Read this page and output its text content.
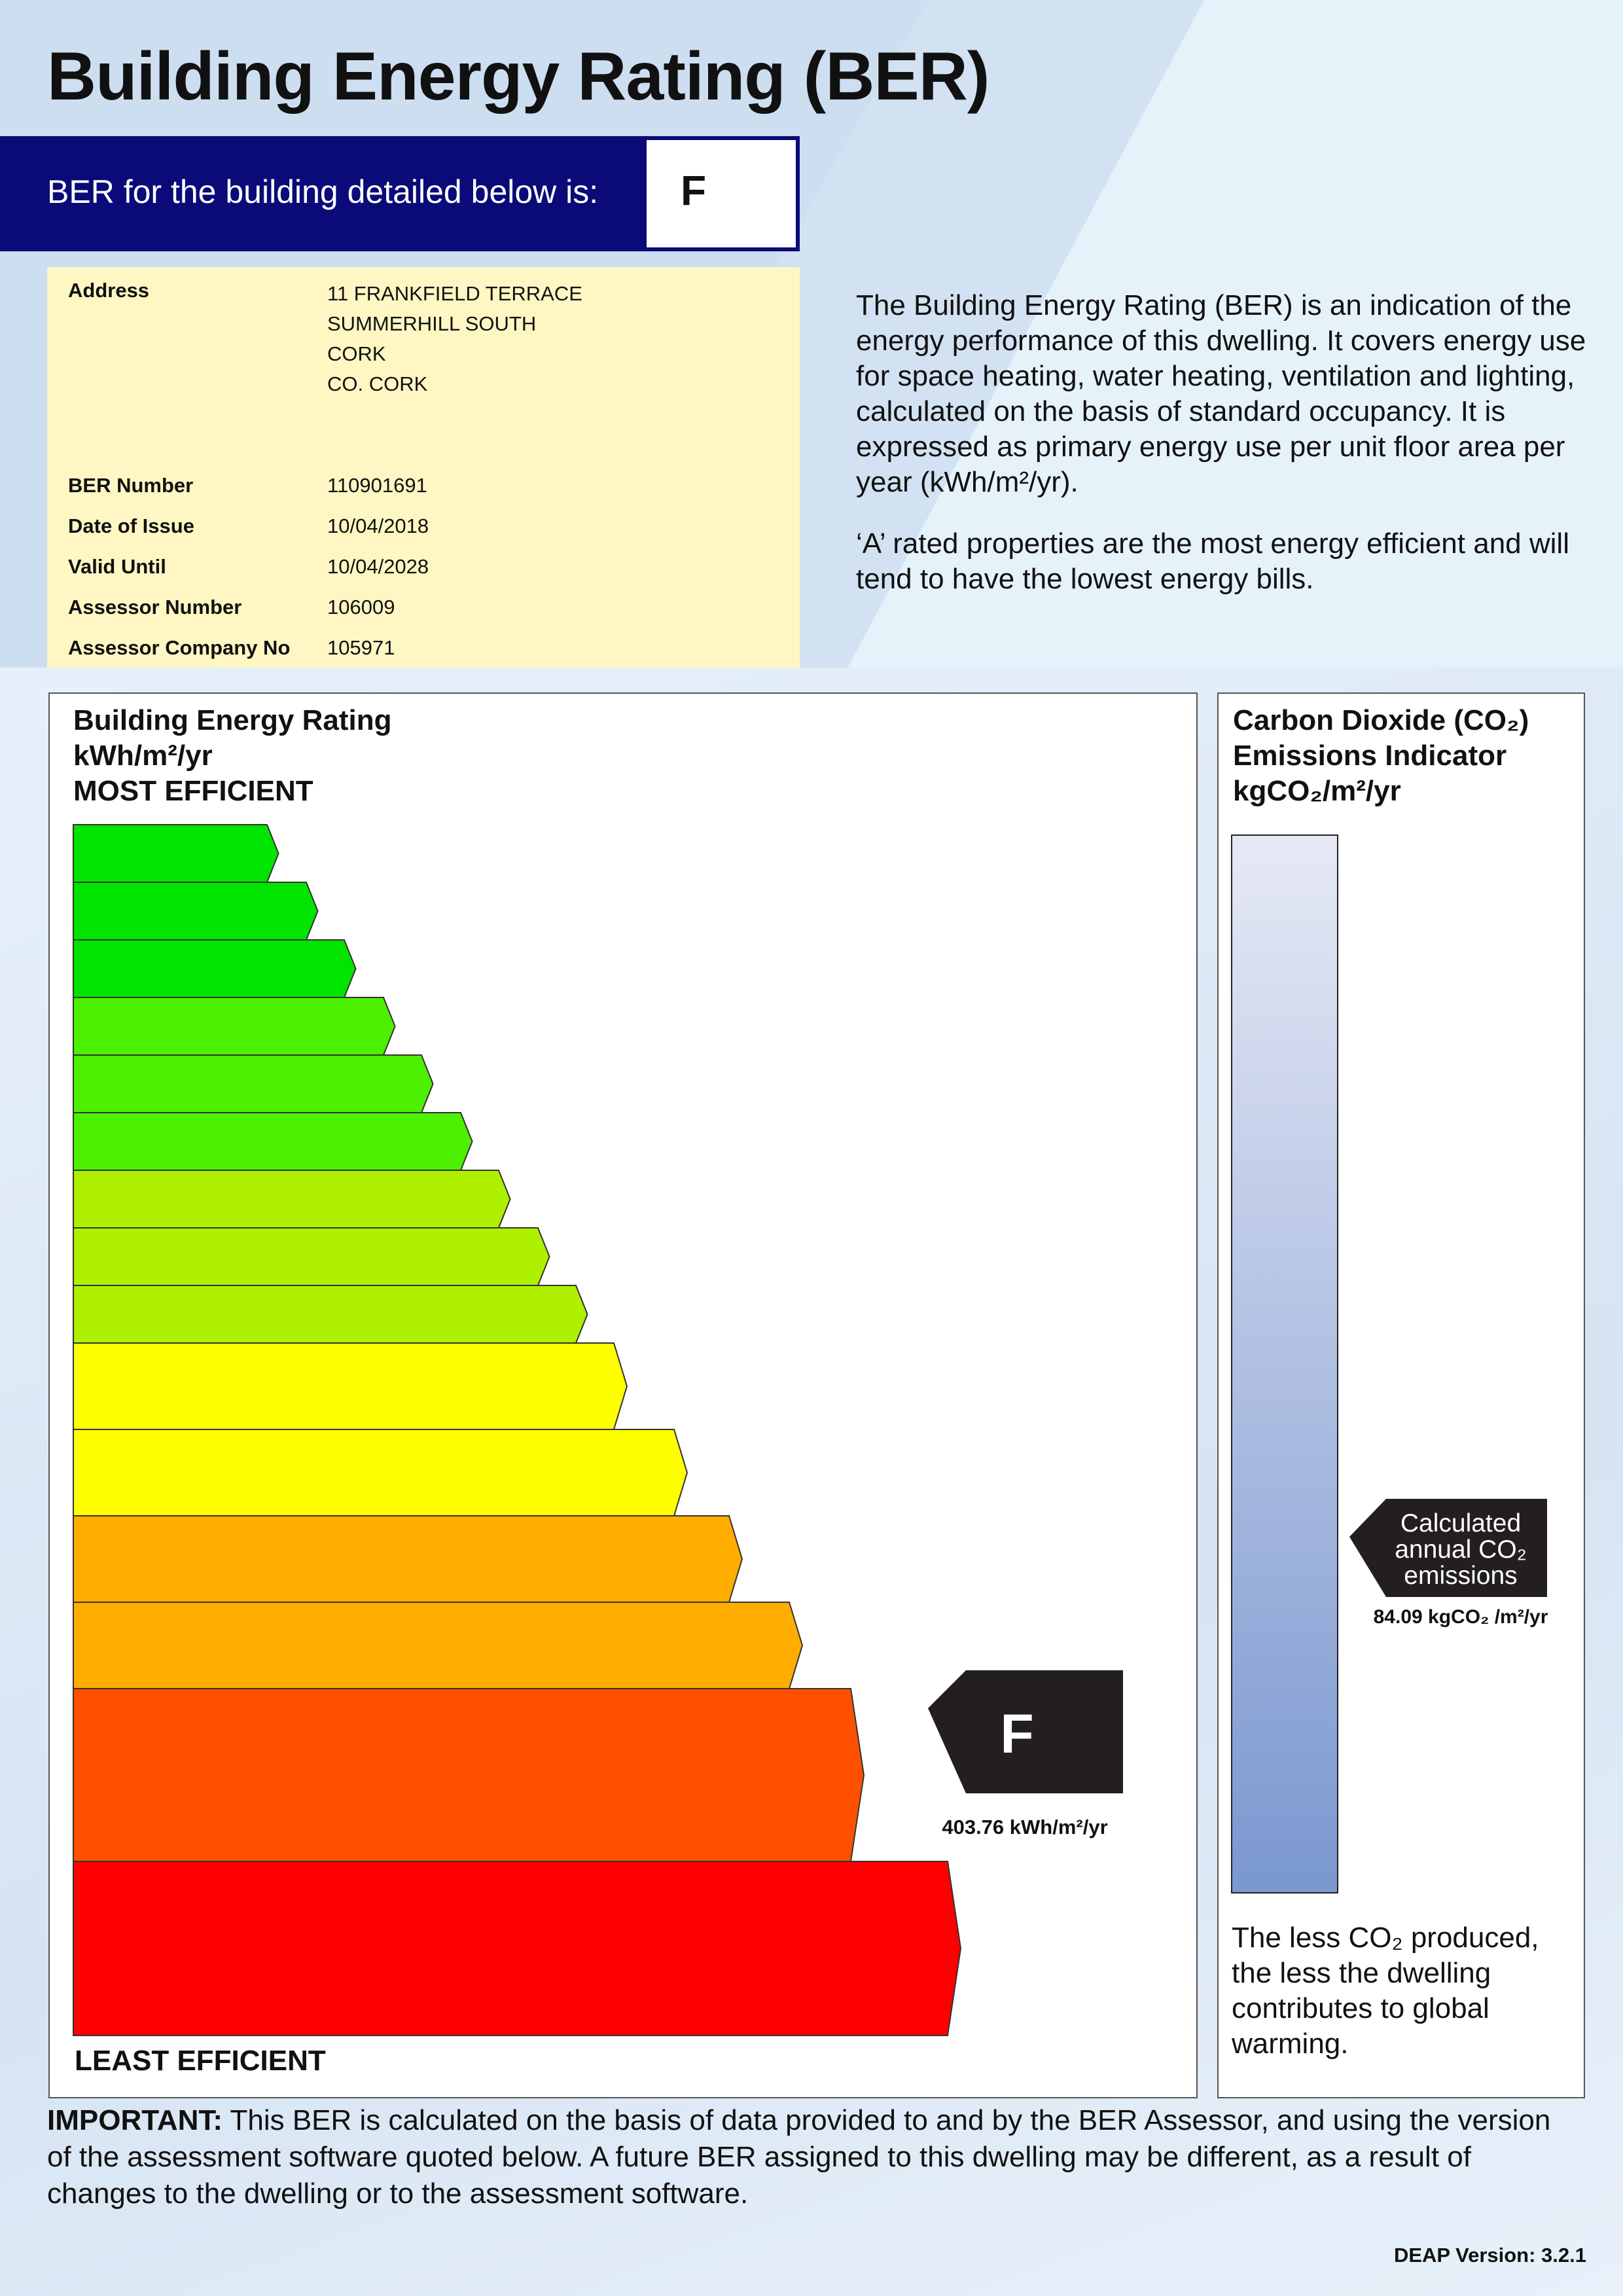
Building Energy Rating (BER)
BER for the building detailed below is: F
Address	11 FRANKFIELD TERRACE
SUMMERHILL SOUTH
CORK
CO. CORK
BER Number	110901691
Date of Issue	10/04/2018
Valid Until	10/04/2028
Assessor Number	106009
Assessor Company No	105971

The Building Energy Rating (BER) is an indication of the energy performance of this dwelling. It covers energy use for space heating, water heating, ventilation and lighting, calculated on the basis of standard occupancy. It is expressed as primary energy use per unit floor area per year (kWh/m²/yr).

‘A’ rated properties are the most energy efficient and will tend to have the lowest energy bills.

Building Energy Rating
kWh/m²/yr
MOST EFFICIENT
F
403.76 kWh/m²/yr
LEAST EFFICIENT
Carbon Dioxide (CO₂)
Emissions Indicator
kgCO₂/m²/yr
Calculated
annual CO₂
emissions
84.09 kgCO₂ /m²/yr
The less CO₂ produced, the less the dwelling contributes to global warming.
IMPORTANT: This BER is calculated on the basis of data provided to and by the BER Assessor, and using the version of the assessment software quoted below. A future BER assigned to this dwelling may be different, as a result of changes to the dwelling or to the assessment software.
DEAP Version: 3.2.1
